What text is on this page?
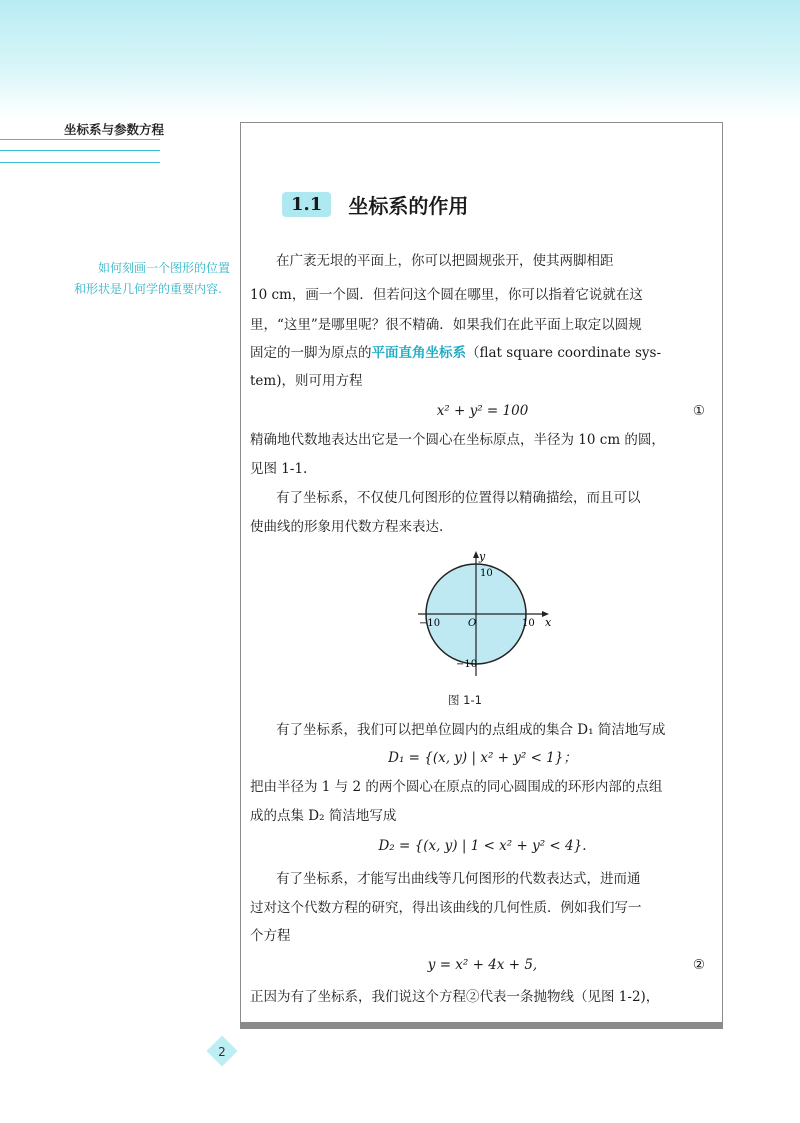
坐标系与参数方程
如何刻画一个图形的位置和形状是几何学的重要内容.
1.1 坐标系的作用
在广袤无垠的平面上，你可以把圆规张开，使其两脚相距
10 cm，画一个圆．但若问这个圆在哪里，你可以指着它说就在这
里，“这里”是哪里呢？很不精确．如果我们在此平面上取定以圆规
固定的一脚为原点的平面直角坐标系（flat square coordinate sys-
tem)，则可用方程
x² + y² = 100	①
精确地代数地表达出它是一个圆心在坐标原点，半径为 10 cm 的圆，
见图 1-1.
有了坐标系，不仅使几何图形的位置得以精确描绘，而且可以
使曲线的形象用代数方程来表达.
x
y
O	10
−10
10
−10
图 1-1
有了坐标系，我们可以把单位圆内的点组成的集合 D₁ 简洁地写成
D₁ = {(x, y) | x² + y² < 1}；
把由半径为 1 与 2 的两个圆心在原点的同心圆围成的环形内部的点组
成的点集 D₂ 简洁地写成
D₂ = {(x, y) | 1 < x² + y² < 4}.
有了坐标系，才能写出曲线等几何图形的代数表达式，进而通
过对这个代数方程的研究，得出该曲线的几何性质．例如我们写一
个方程
y = x² + 4x + 5,	②
正因为有了坐标系，我们说这个方程②代表一条抛物线（见图 1-2)，
2
